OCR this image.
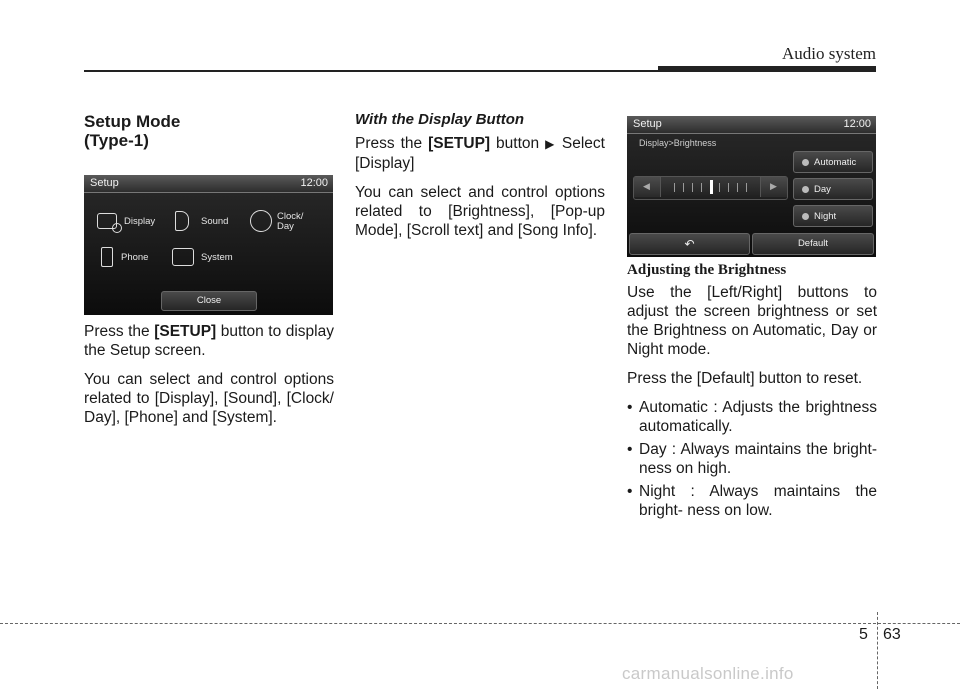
Audio system
Setup Mode
(Type-1)
Setup	12:00
Display	Sound	Clock/
Day
Phone	System
Close

Press the [SETUP] button to display the Setup screen.

You can select and control options related to [Display], [Sound], [Clock/ Day], [Phone] and [System].

With the Display Button

Press the [SETUP] button ▶ Select [Display]

You can select and control options related to [Brightness], [Pop-up Mode], [Scroll text] and [Song Info].

Setup	12:00
Display>Brightness
◀	▶
Automatic
Day
Night
↶	Default
Adjusting the Brightness

Use the [Left/Right] buttons to adjust the screen brightness or set the Brightness on Automatic, Day or Night mode.

Press the [Default] button to reset.

• Automatic : Adjusts the brightness automatically.
• Day : Always maintains the bright- ness on high.
• Night : Always maintains the bright- ness on low.
5 63
carmanualsonline.info
